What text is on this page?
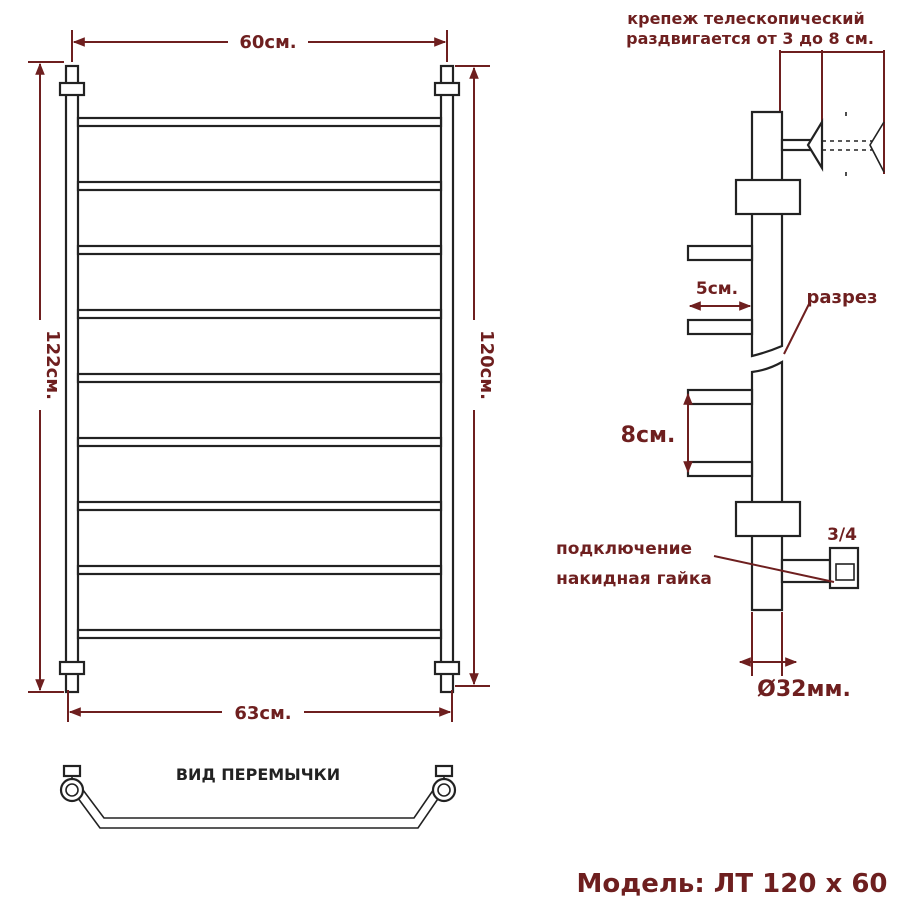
60см.
63см.
122см.	120см.
ВИД ПЕРЕМЫЧКИ
крепеж телескопический
раздвигается от 3 до 8 см.
5см.	разрез
8см.
3/4
подключение
накидная гайка
Ø32мм.
Модель: ЛТ 120 х 60
